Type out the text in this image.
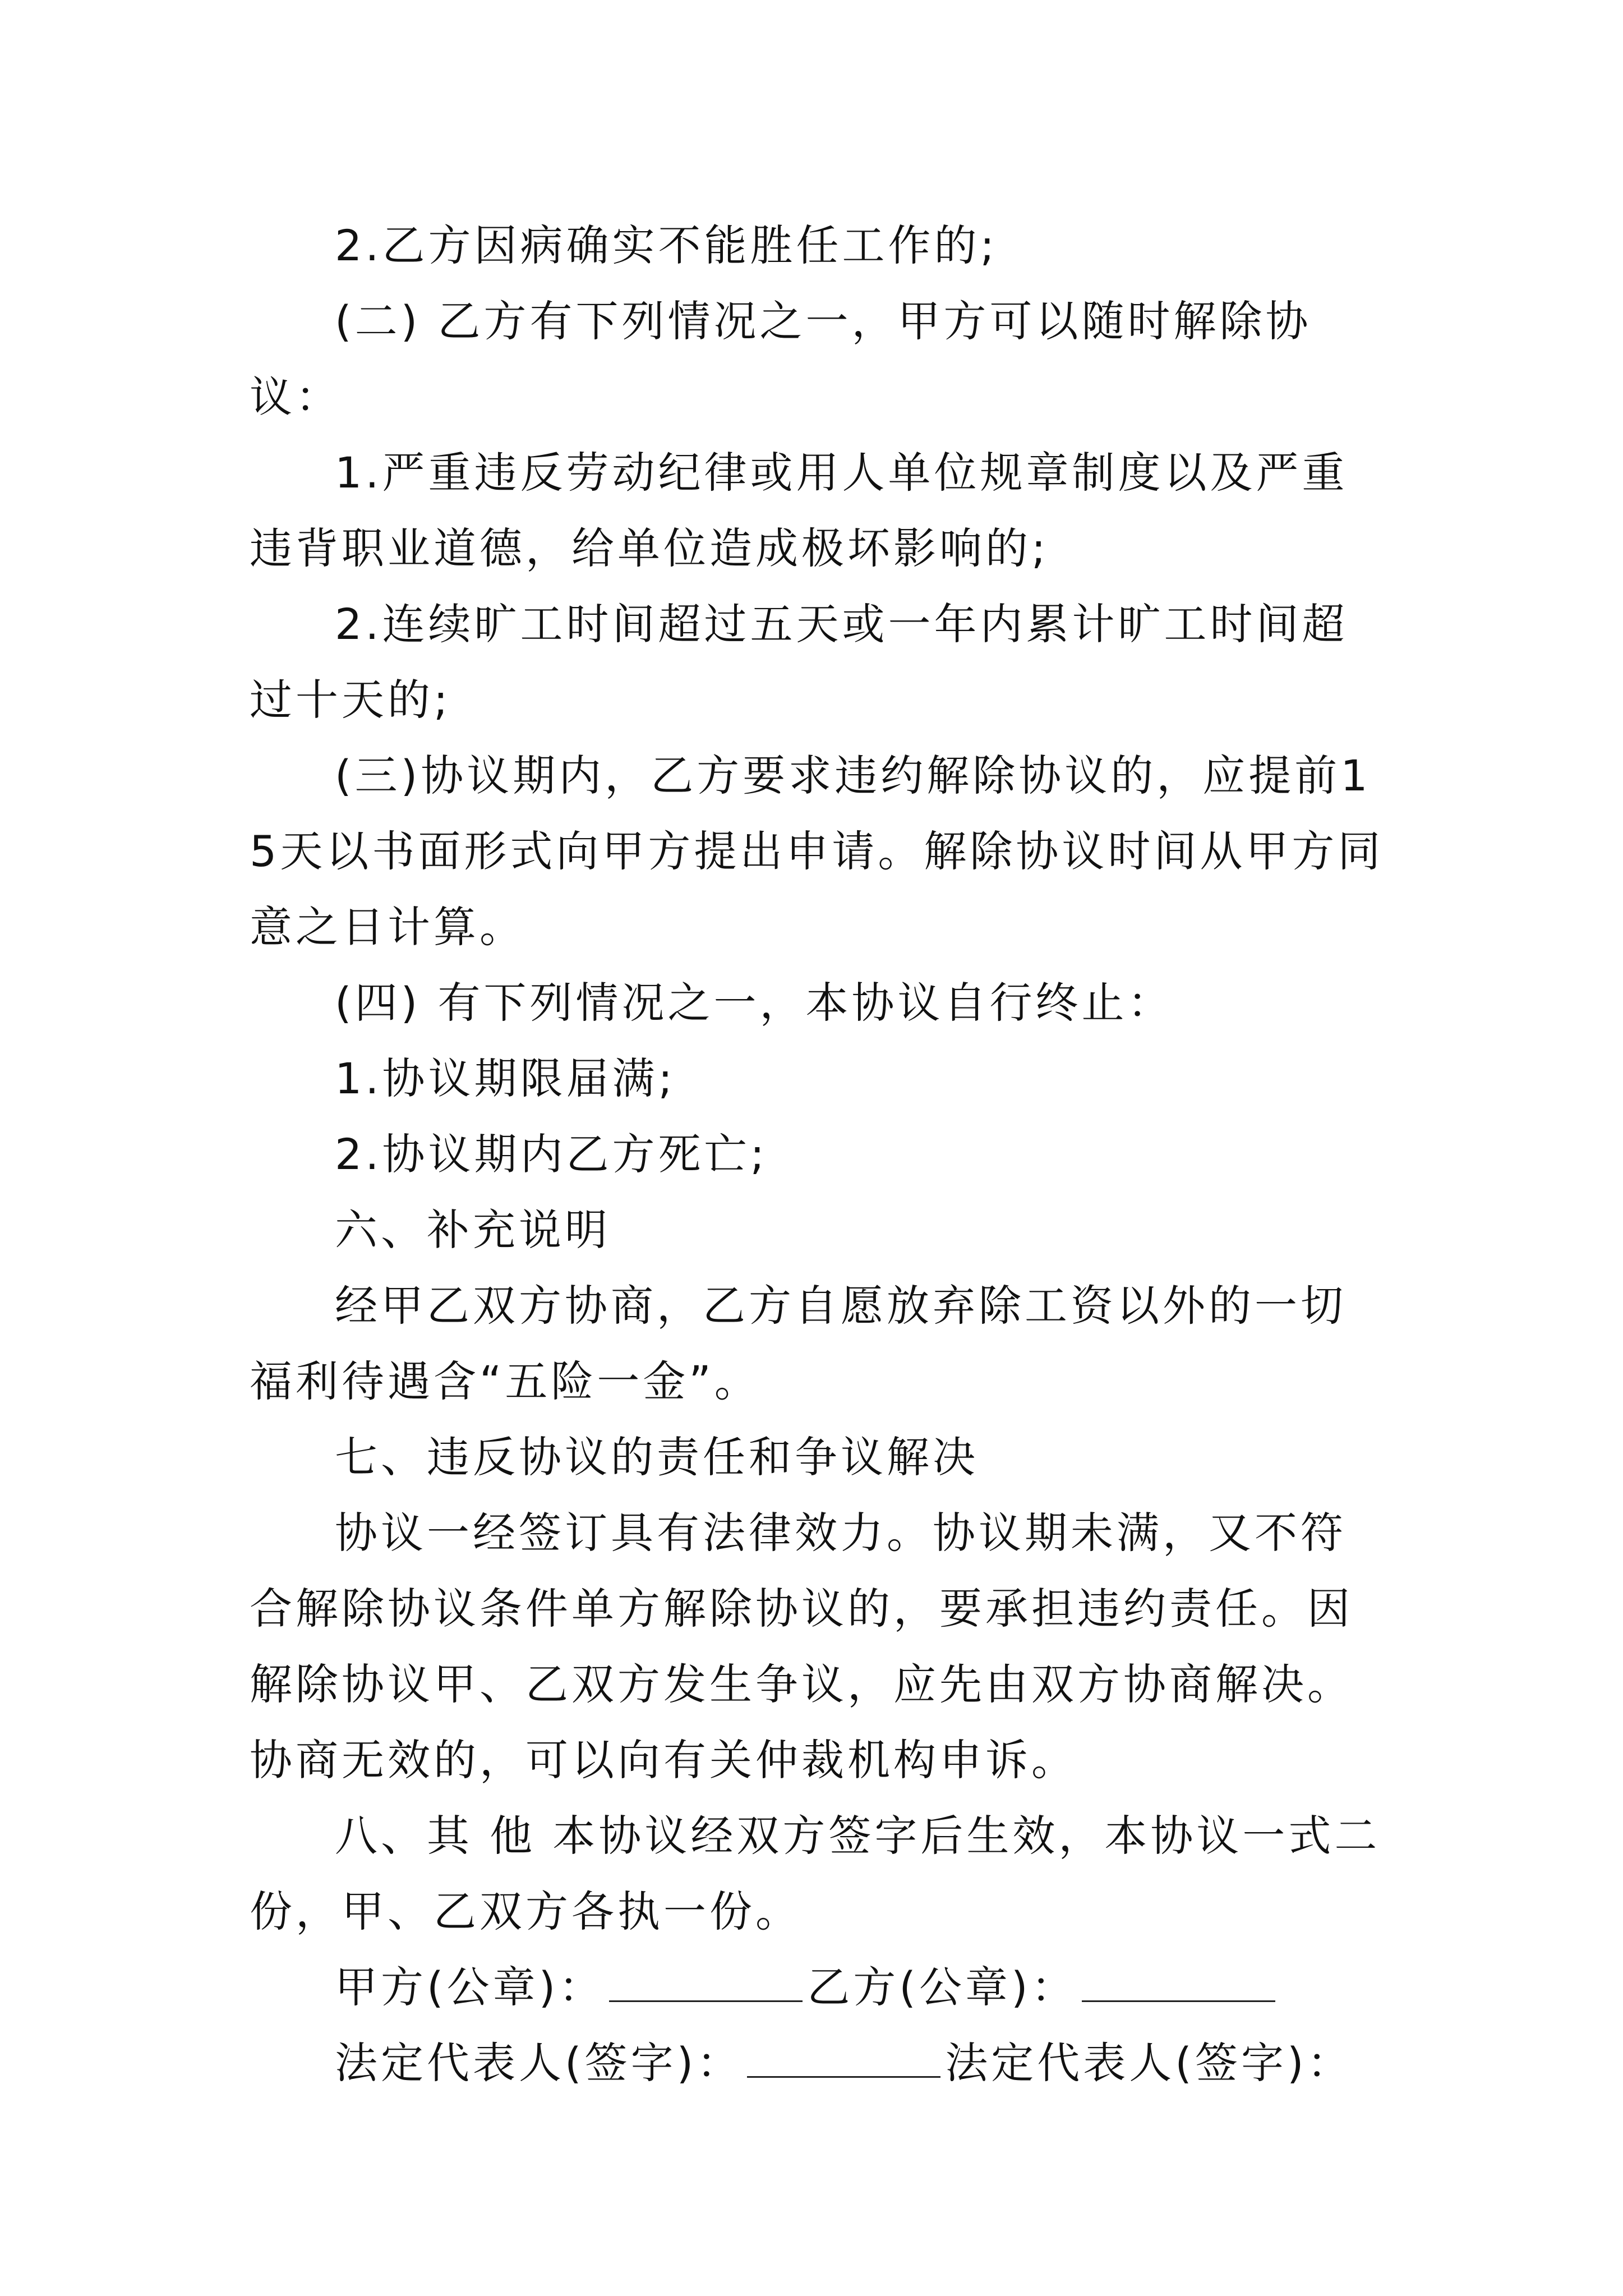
2.乙方因病确实不能胜任工作的;

(二) 乙方有下列情况之一，甲方可以随时解除协议：

1.严重违反劳动纪律或用人单位规章制度以及严重违背职业道德，给单位造成极坏影响的;

2.连续旷工时间超过五天或一年内累计旷工时间超过十天的;

(三)协议期内，乙方要求违约解除协议的，应提前15天以书面形式向甲方提出申请。解除协议时间从甲方同意之日计算。

(四) 有下列情况之一，本协议自行终止：

1.协议期限届满;

2.协议期内乙方死亡;

六、补充说明

经甲乙双方协商，乙方自愿放弃除工资以外的一切福利待遇含“五险一金”。

七、违反协议的责任和争议解决

协议一经签订具有法律效力。协议期未满，又不符合解除协议条件单方解除协议的，要承担违约责任。因解除协议甲、乙双方发生争议，应先由双方协商解决。协商无效的，可以向有关仲裁机构申诉。

八、其 他 本协议经双方签字后生效，本协议一式二份，甲、乙双方各执一份。

甲方(公章)：	乙方(公章)：

法定代表人(签字)：	法定代表人(签字)：
